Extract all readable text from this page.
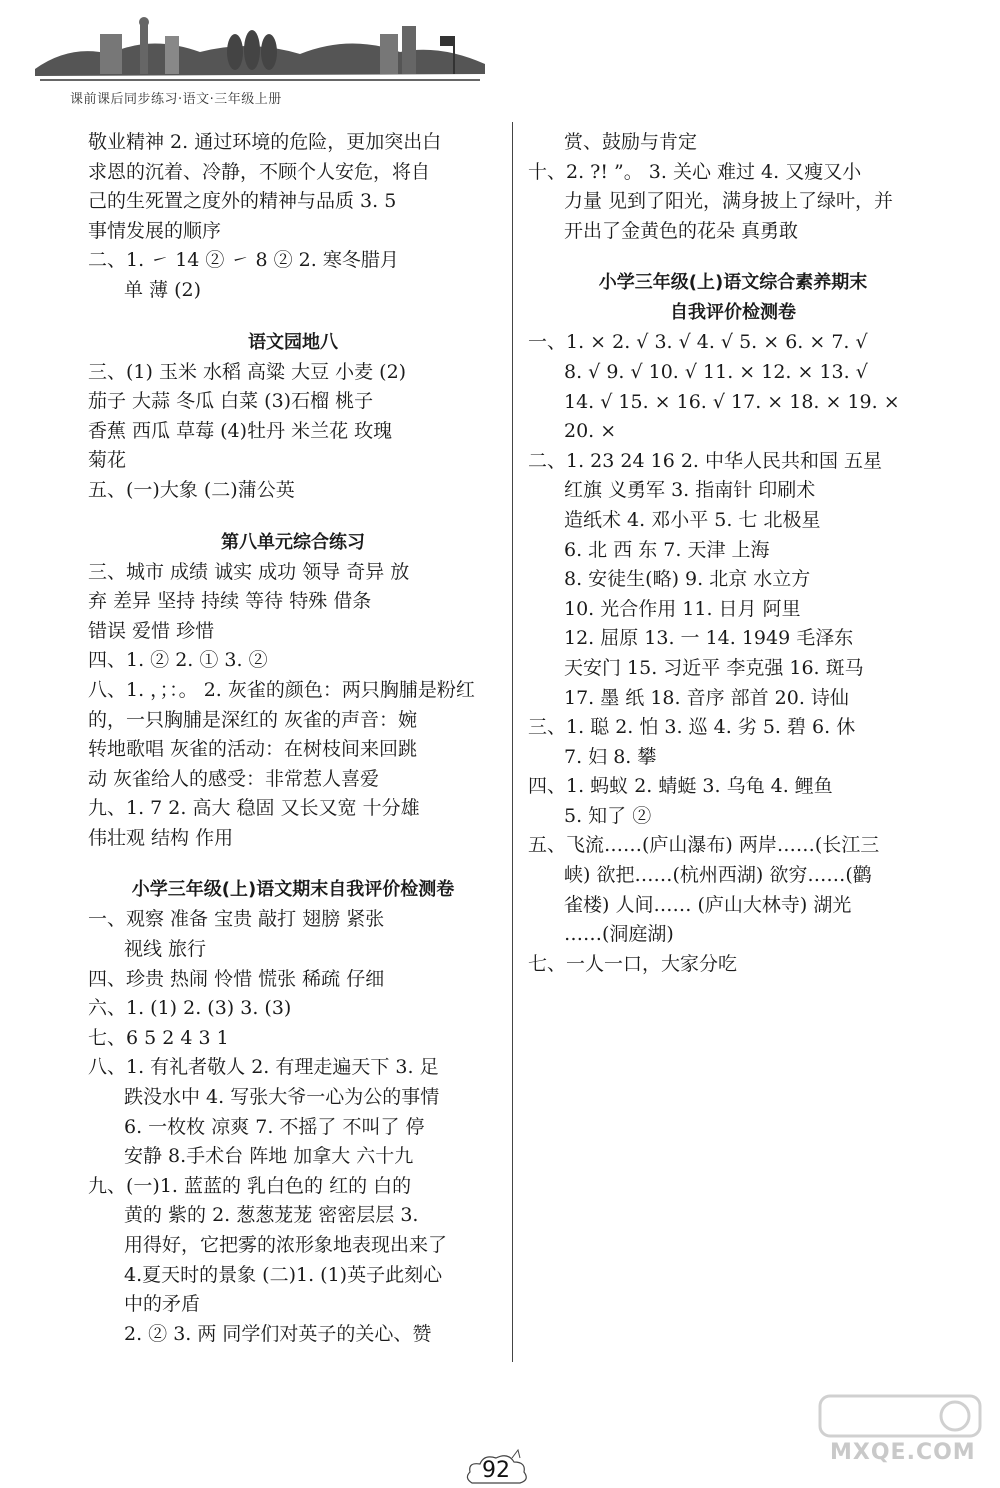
课前课后同步练习·语文·三年级上册
敬业精神 2. 通过环境的危险，更加突出白
求恩的沉着、冷静，不顾个人安危，将自
己的生死置之度外的精神与品质 3. 5
事情发展的顺序
二、1. ㇀ 14 ② ㇀ 8 ② 2. 寒冬腊月
单 薄 (2)
语文园地八
三、(1) 玉米 水稻 高粱 大豆 小麦 (2)
茄子 大蒜 冬瓜 白菜 (3)石榴 桃子
香蕉 西瓜 草莓 (4)牡丹 米兰花 玫瑰
菊花
五、(一)大象 (二)蒲公英
第八单元综合练习
三、城市 成绩 诚实 成功 领导 奇异 放
弃 差异 坚持 持续 等待 特殊 借条
错误 爱惜 珍惜
四、1. ② 2. ① 3. ②
八、1. ，；：。 2. 灰雀的颜色：两只胸脯是粉红
的，一只胸脯是深红的 灰雀的声音：婉
转地歌唱 灰雀的活动：在树枝间来回跳
动 灰雀给人的感受：非常惹人喜爱
九、1. 7 2. 高大 稳固 又长又宽 十分雄
伟壮观 结构 作用
小学三年级(上)语文期末自我评价检测卷
一、观察 准备 宝贵 敲打 翅膀 紧张
视线 旅行
四、珍贵 热闹 怜惜 慌张 稀疏 仔细
六、1. (1) 2. (3) 3. (3)
七、6 5 2 4 3 1
八、1. 有礼者敬人 2. 有理走遍天下 3. 足
跌没水中 4. 写张大爷一心为公的事情
6. 一枚枚 凉爽 7. 不摇了 不叫了 停
安静 8.手术台 阵地 加拿大 六十九
九、(一)1. 蓝蓝的 乳白色的 红的 白的
黄的 紫的 2. 葱葱茏茏 密密层层 3.
用得好，它把雾的浓形象地表现出来了
4.夏天时的景象 (二)1. (1)英子此刻心
中的矛盾
2. ② 3. 两 同学们对英子的关心、赞
赏、鼓励与肯定
十、2. ?! ”。 3. 关心 难过 4. 又瘦又小
力量 见到了阳光，满身披上了绿叶，并
开出了金黄色的花朵 真勇敢
小学三年级(上)语文综合素养期末
自我评价检测卷
一、1. × 2. √ 3. √ 4. √ 5. × 6. × 7. √
8. √ 9. √ 10. √ 11. × 12. × 13. √
14. √ 15. × 16. √ 17. × 18. × 19. ×
20. ×
二、1. 23 24 16 2. 中华人民共和国 五星
红旗 义勇军 3. 指南针 印刷术
造纸术 4. 邓小平 5. 七 北极星
6. 北 西 东 7. 天津 上海
8. 安徒生(略) 9. 北京 水立方
10. 光合作用 11. 日月 阿里
12. 屈原 13. 一 14. 1949 毛泽东
天安门 15. 习近平 李克强 16. 斑马
17. 墨 纸 18. 音序 部首 20. 诗仙
三、1. 聪 2. 怕 3. 巡 4. 劣 5. 碧 6. 休
7. 妇 8. 攀
四、1. 蚂蚁 2. 蜻蜓 3. 乌龟 4. 鲤鱼
5. 知了 ②
五、飞流……(庐山瀑布) 两岸……(长江三
峡) 欲把……(杭州西湖) 欲穷……(鹳
雀楼) 人间…… (庐山大林寺) 湖光
……(洞庭湖)
七、一人一口，大家分吃
92
MXQE.COM
